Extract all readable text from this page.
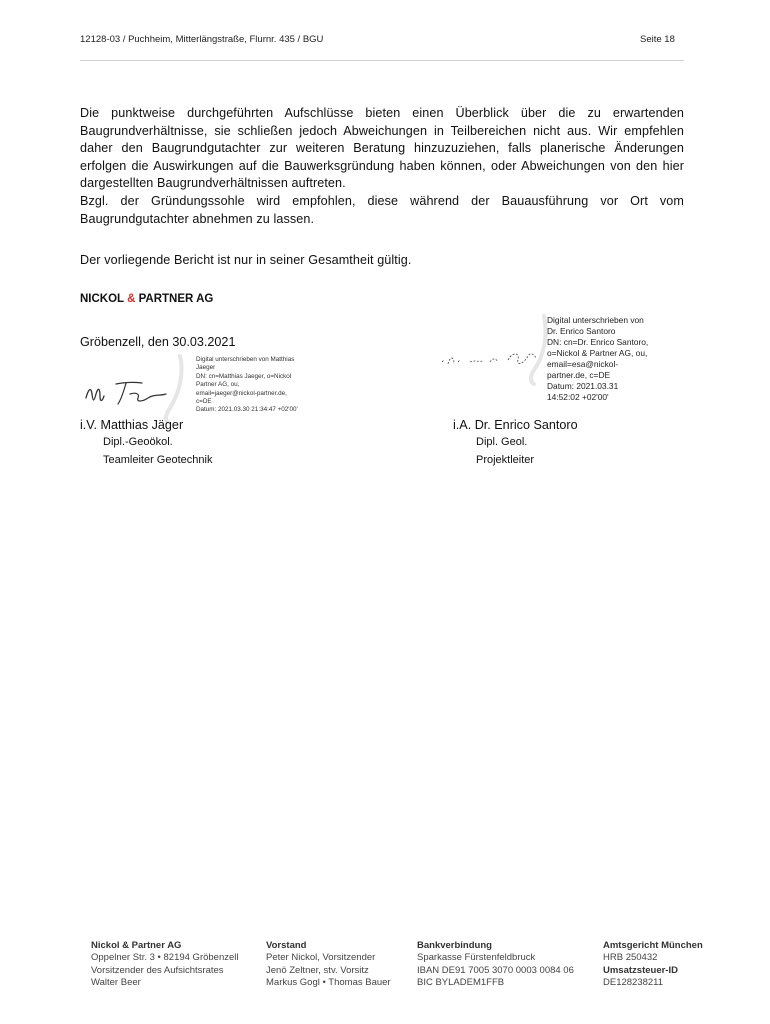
12128-03 / Puchheim, Mitterlängstraße, Flurnr. 435 / BGU	Seite 18
Die punktweise durchgeführten Aufschlüsse bieten einen Überblick über die zu erwartenden Baugrundverhältnisse, sie schließen jedoch Abweichungen in Teilbereichen nicht aus. Wir empfehlen daher den Baugrundgutachter zur weiteren Beratung hinzuzuziehen, falls planerische Änderungen erfolgen die Auswirkungen auf die Bauwerksgründung haben können, oder Abweichungen von den hier dargestellten Baugrundverhältnissen auftreten.
Bzgl. der Gründungssohle wird empfohlen, diese während der Bauausführung vor Ort vom Baugrundgutachter abnehmen zu lassen.
Der vorliegende Bericht ist nur in seiner Gesamtheit gültig.
NICKOL & PARTNER AG
Gröbenzell, den 30.03.2021
Digital unterschrieben von Matthias
Jaeger
DN: cn=Matthias Jaeger, o=Nickol
Partner AG, ou,
email=jaeger@nickol-partner.de,
c=DE
Datum: 2021.03.30 21:34:47 +02'00'
Digital unterschrieben von
Dr. Enrico Santoro
DN: cn=Dr. Enrico Santoro,
o=Nickol & Partner AG, ou,
email=esa@nickol-
partner.de, c=DE
Datum: 2021.03.31
14:52:02 +02'00'
i.V. Matthias Jäger
Dipl.-Geoökol.
Teamleiter Geotechnik
i.A. Dr. Enrico Santoro
Dipl. Geol.
Projektleiter
Nickol & Partner AG
Oppelner Str. 3 • 82194 Gröbenzell
Vorsitzender des Aufsichtsrates
Walter Beer
Vorstand
Peter Nickol, Vorsitzender
Jenö Zeltner, stv. Vorsitz
Markus Gogl • Thomas Bauer
Bankverbindung
Sparkasse Fürstenfeldbruck
IBAN DE91 7005 3070 0003 0084 06
BIC BYLADEM1FFB
Amtsgericht München
HRB 250432
Umsatzsteuer-ID
DE128238211
